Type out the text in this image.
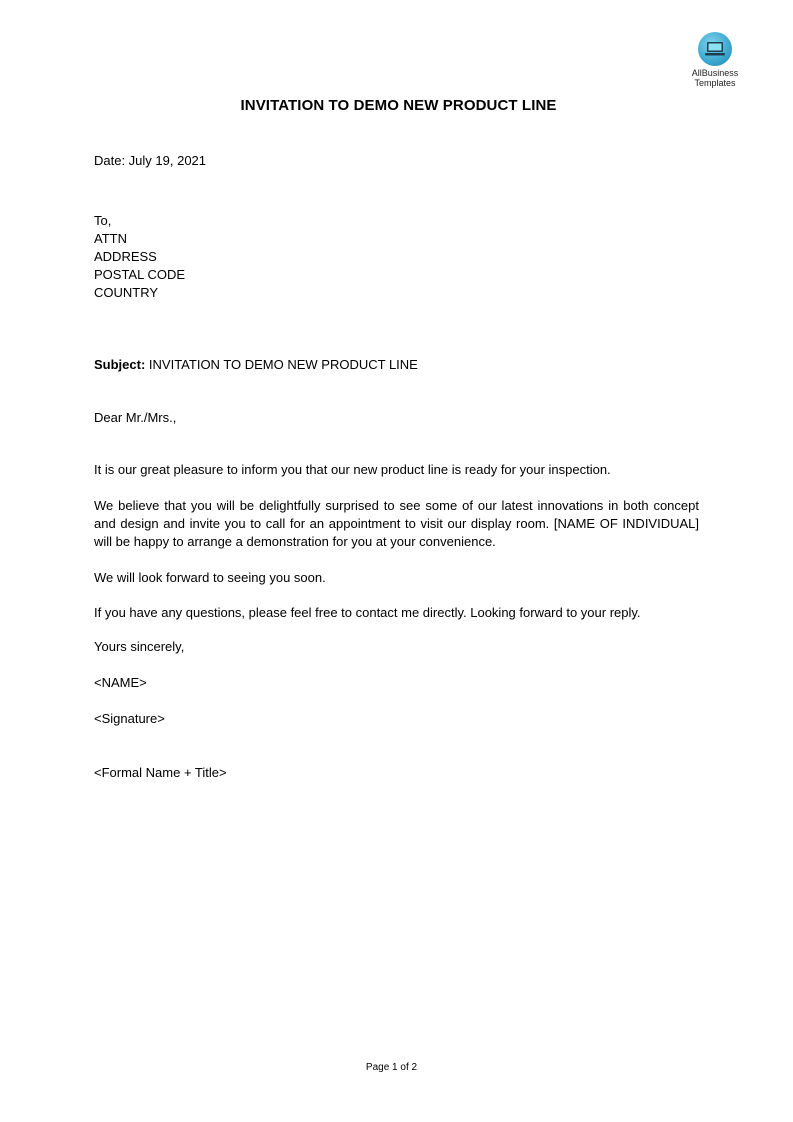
AllBusiness
Templates
INVITATION TO DEMO NEW PRODUCT LINE
Date: July 19, 2021
To,
ATTN
ADDRESS
POSTAL CODE
COUNTRY
Subject: INVITATION TO DEMO NEW PRODUCT LINE
Dear Mr./Mrs.,
It is our great pleasure to inform you that our new product line is ready for your inspection.
We believe that you will be delightfully surprised to see some of our latest innovations in both concept and design and invite you to call for an appointment to visit our display room. [NAME OF INDIVIDUAL] will be happy to arrange a demonstration for you at your convenience.
We will look forward to seeing you soon.
If you have any questions, please feel free to contact me directly. Looking forward to your reply.
Yours sincerely,
<NAME>
<Signature>
<Formal Name + Title>
Page 1 of 2
